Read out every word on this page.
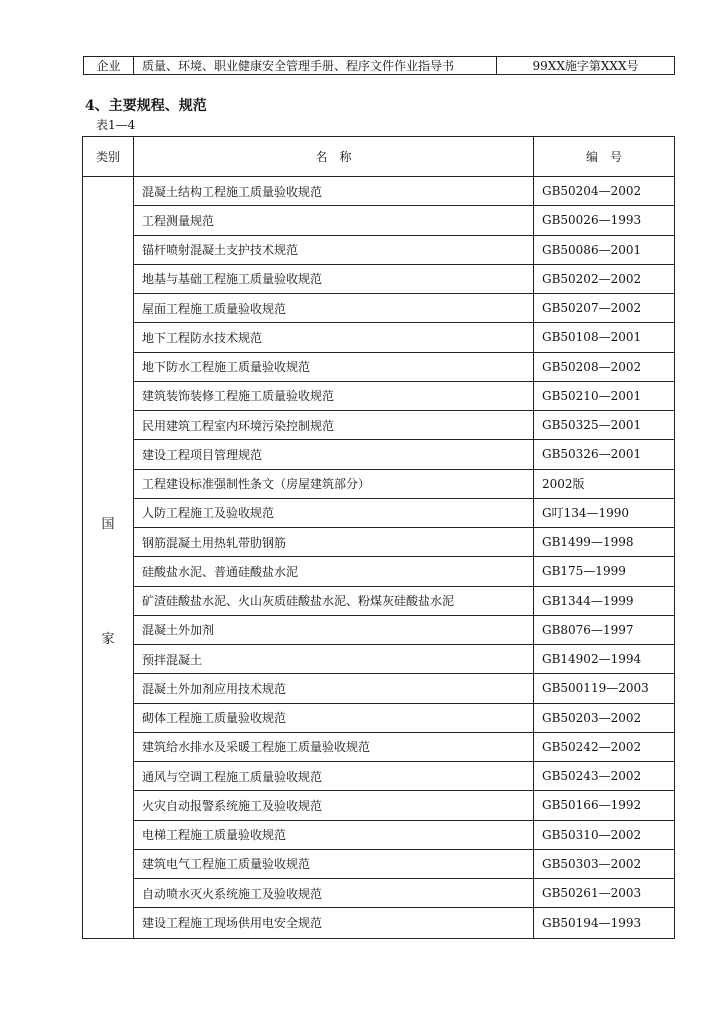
企业	质量、环境、职业健康安全管理手册、程序文件作业指导书	99XX施字第XXX号
4、主要规程、规范
表1—4
类别	名　称	编　号
国
家
混凝土结构工程施工质量验收规范	GB50204—2002
工程测量规范	GB50026—1993
锚杆喷射混凝土支护技术规范	GB50086—2001
地基与基础工程施工质量验收规范	GB50202—2002
屋面工程施工质量验收规范	GB50207—2002
地下工程防水技术规范	GB50108—2001
地下防水工程施工质量验收规范	GB50208—2002
建筑装饰装修工程施工质量验收规范	GB50210—2001
民用建筑工程室内环境污染控制规范	GB50325—2001
建设工程项目管理规范	GB50326—2001
工程建设标准强制性条文（房屋建筑部分）	2002版
人防工程施工及验收规范	G叮134—1990
钢筋混凝土用热轧带肋钢筋	GB1499—1998
硅酸盐水泥、普通硅酸盐水泥	GB175—1999
矿渣硅酸盐水泥、火山灰质硅酸盐水泥、粉煤灰硅酸盐水泥	GB1344—1999
混凝土外加剂	GB8076—1997
预拌混凝土	GB14902—1994
混凝土外加剂应用技术规范	GB500119—2003
砌体工程施工质量验收规范	GB50203—2002
建筑给水排水及采暖工程施工质量验收规范	GB50242—2002
通风与空调工程施工质量验收规范	GB50243—2002
火灾自动报警系统施工及验收规范	GB50166—1992
电梯工程施工质量验收规范	GB50310—2002
建筑电气工程施工质量验收规范	GB50303—2002
自动喷水灭火系统施工及验收规范	GB50261—2003
建设工程施工现场供用电安全规范	GB50194—1993
